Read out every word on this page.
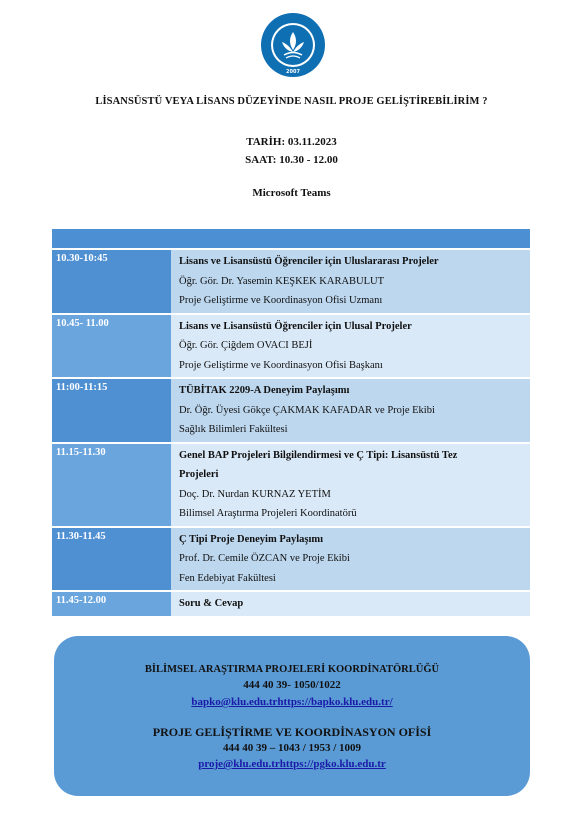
2007
LİSANSÜSTÜ VEYA LİSANS DÜZEYİNDE NASIL PROJE GELİŞTİREBİLİRİM ?
TARİH: 03.11.2023
SAAT: 10.30 - 12.00
Microsoft Teams

10.30-10:45		Lisans ve Lisansüstü Öğrenciler için Uluslararası Projeler
Öğr. Gör. Dr. Yasemin KEŞKEK KARABULUT
Proje Geliştirme ve Koordinasyon Ofisi Uzmanı

10.45- 11.00		Lisans ve Lisansüstü Öğrenciler için Ulusal Projeler
Öğr. Gör. Çiğdem OVACI BEJİ
Proje Geliştirme ve Koordinasyon Ofisi Başkanı

11:00-11:15		TÜBİTAK 2209-A Deneyim Paylaşımı
Dr. Öğr. Üyesi Gökçe ÇAKMAK KAFADAR ve Proje Ekibi
Sağlık Bilimleri Fakültesi

11.15-11.30		Genel BAP Projeleri Bilgilendirmesi ve Ç Tipi: Lisansüstü Tez
Projeleri
Doç. Dr. Nurdan KURNAZ YETİM
Bilimsel Araştırma Projeleri Koordinatörü

11.30-11.45		Ç Tipi Proje Deneyim Paylaşımı
Prof. Dr. Cemile ÖZCAN ve Proje Ekibi
Fen Edebiyat Fakültesi

11.45-12.00		Soru & Cevap
BİLİMSEL ARAŞTIRMA PROJELERİ KOORDİNATÖRLÜĞÜ
444 40 39- 1050/1022
bapko@klu.edu.trhttps://bapko.klu.edu.tr/
PROJE GELİŞTİRME VE KOORDİNASYON OFİSİ
444 40 39 – 1043 / 1953 / 1009
proje@klu.edu.trhttps://pgko.klu.edu.tr
